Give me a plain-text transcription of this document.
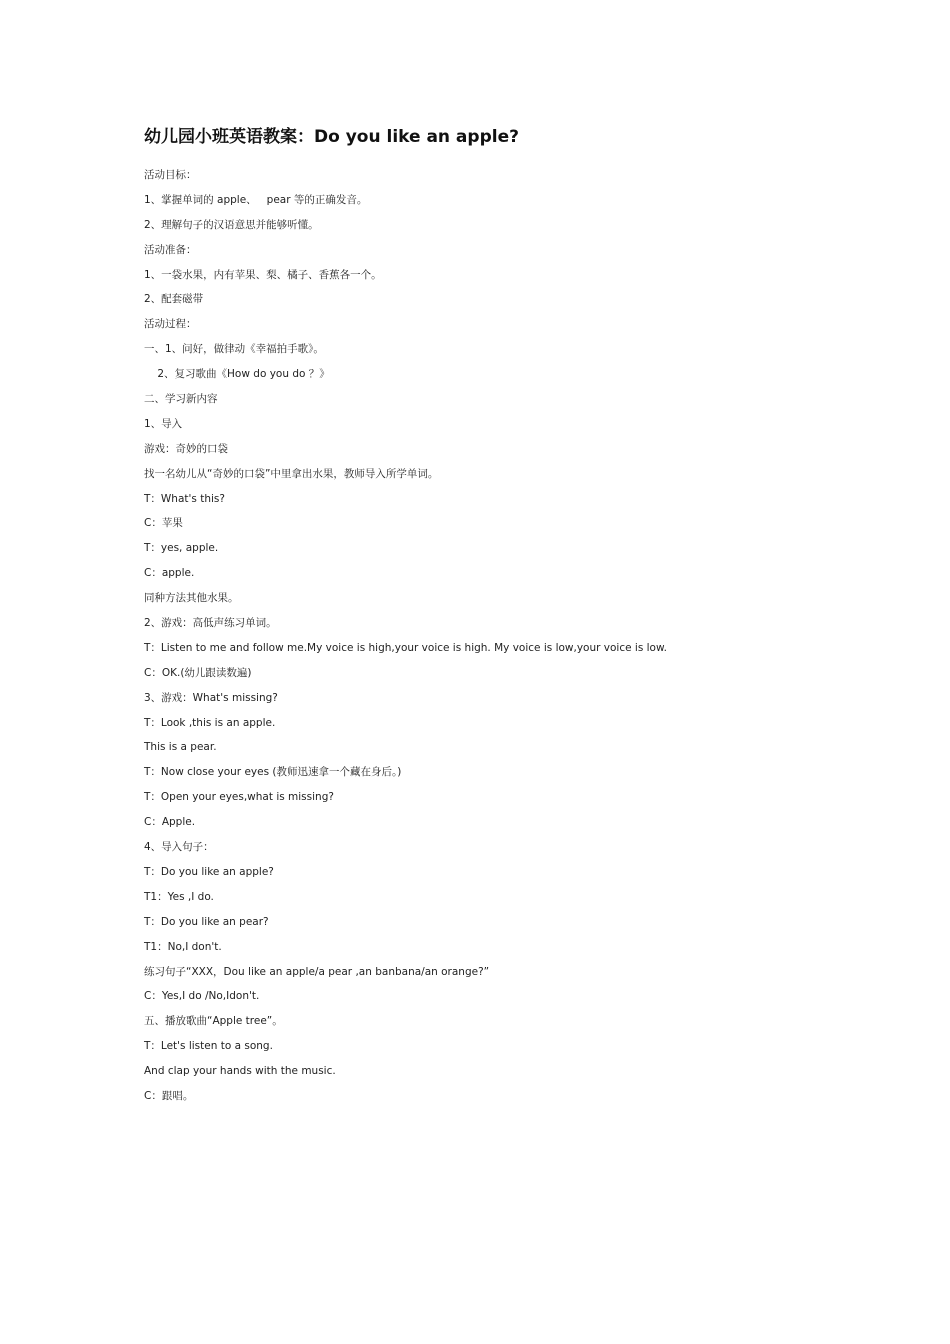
幼儿园小班英语教案：Do you like an apple?
活动目标：
1、掌握单词的 apple、   pear 等的正确发音。
2、理解句子的汉语意思并能够听懂。
活动准备：
1、一袋水果，内有苹果、梨、橘子、香蕉各一个。
2、配套磁带
活动过程：
一、1、问好，做律动《幸福拍手歌》。
2、复习歌曲《How do you do ？》
二、学习新内容
1、导入
游戏：奇妙的口袋
找一名幼儿从“奇妙的口袋”中里拿出水果，教师导入所学单词。
T：What's this?
C：苹果
T：yes, apple.
C：apple.
同种方法其他水果。
2、游戏：高低声练习单词。
T：Listen to me and follow me.My voice is high,your voice is high. My voice is low,your voice is low.
C：OK.(幼儿跟读数遍)
3、游戏：What's missing?
T：Look ,this is an apple.
This is a pear.
T：Now close your eyes (教师迅速拿一个藏在身后。)
T：Open your eyes,what is missing?
C：Apple.
4、导入句子：
T：Do you like an apple?
T1：Yes ,I do.
T：Do you like an pear?
T1：No,I don't.
练习句子“XXX，Dou like an apple/a pear ,an banbana/an orange?”
C：Yes,I do /No,Idon't.
五、播放歌曲“Apple tree”。
T：Let's listen to a song.
And clap your hands with the music.
C：跟唱。
